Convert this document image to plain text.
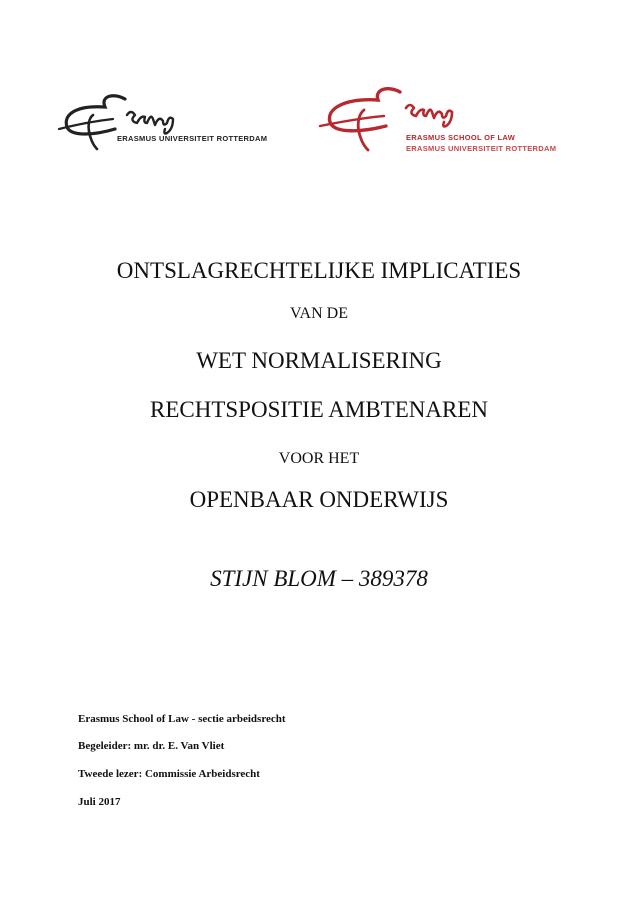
ERASMUS UNIVERSITEIT ROTTERDAM	ERASMUS SCHOOL OF LAW
ERASMUS UNIVERSITEIT ROTTERDAM
ONTSLAGRECHTELIJKE IMPLICATIES
VAN DE
WET NORMALISERING
RECHTSPOSITIE AMBTENAREN
VOOR HET
OPENBAAR ONDERWIJS
STIJN BLOM – 389378
Erasmus School of Law - sectie arbeidsrecht
Begeleider: mr. dr. E. Van Vliet
Tweede lezer: Commissie Arbeidsrecht
Juli 2017
